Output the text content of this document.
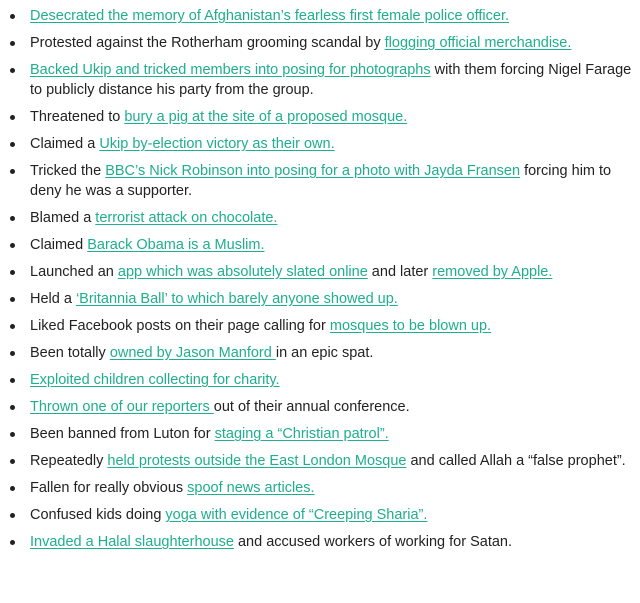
Desecrated the memory of Afghanistan’s fearless first female police officer.
Protested against the Rotherham grooming scandal by flogging official merchandise.
Backed Ukip and tricked members into posing for photographs with them forcing Nigel Farage to publicly distance his party from the group.
Threatened to bury a pig at the site of a proposed mosque.
Claimed a Ukip by-election victory as their own.
Tricked the BBC’s Nick Robinson into posing for a photo with Jayda Fransen forcing him to deny he was a supporter.
Blamed a terrorist attack on chocolate.
Claimed Barack Obama is a Muslim.
Launched an app which was absolutely slated online and later removed by Apple.
Held a ‘Britannia Ball’ to which barely anyone showed up.
Liked Facebook posts on their page calling for mosques to be blown up.
Been totally owned by Jason Manford in an epic spat.
Exploited children collecting for charity.
Thrown one of our reporters out of their annual conference.
Been banned from Luton for staging a “Christian patrol”.
Repeatedly held protests outside the East London Mosque and called Allah a “false prophet”.
Fallen for really obvious spoof news articles.
Confused kids doing yoga with evidence of “Creeping Sharia”.
Invaded a Halal slaughterhouse and accused workers of working for Satan.
